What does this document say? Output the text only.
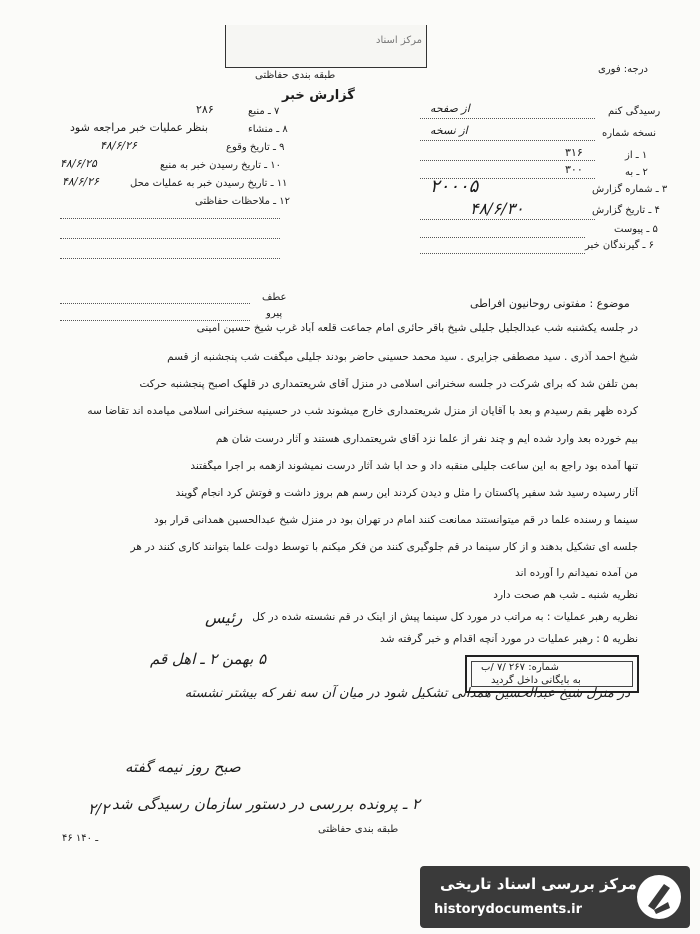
مرکز اسناد
طبقه بندی حفاظتی
گزارش خبر
درجه: فوری
رسیدگی کنم
از صفحه
نسخه شماره
از نسخه
۱ ـ از
۳۱۶
۲ ـ به
۳۰۰
۳ ـ شماره گزارش
۲۰۰۰۵
۴ ـ تاریخ گزارش
۴۸/۶/۳۰
۵ ـ پیوست
۶ ـ گیرندگان خبر
۷ ـ منبع
۲۸۶
۸ ـ منشاء
بنظر عملیات خبر مراجعه شود
۹ ـ تاریخ وقوع
۴۸/۶/۲۶
۱۰ ـ تاریخ رسیدن خبر به منبع
۴۸/۶/۲۵
۱۱ ـ تاریخ رسیدن خبر به عملیات محل
۴۸/۶/۲۶
۱۲ ـ ملاحظات حفاظتی
عطف
پیرو
موضوع : مفتونی روحانیون افراطی
در جلسه یکشنبه شب عبدالجلیل جلیلی شیخ باقر حائری امام جماعت قلعه آباد غرب شیخ حسین امینی
شیخ احمد آذری . سید مصطفی جزایری . سید محمد حسینی حاضر بودند جلیلی میگفت شب پنجشنبه از قسم
بمن تلفن شد که برای شرکت در جلسه سخنرانی اسلامی در منزل آقای شریعتمداری در قلهک اصبح پنجشنبه حرکت
کرده ظهر بقم رسیدم و بعد با آقایان از منزل شریعتمداری خارج میشوند شب در حسینیه سخنرانی اسلامی میامده اند تقاضا سه
بیم خورده بعد وارد شده ایم و چند نفر از علما نزد آقای شریعتمداری هستند و آثار درست شان هم
تنها آمده بود راجع به این ساعت جلیلی منقبه داد و حد ابا شد آثار درست نمیشوند ازهمه بر اجرا میگفتند
آثار رسیده رسید شد سفیر پاکستان را مثل و دیدن کردند این رسم هم بروز داشت و فوتش کرد انجام گویند
سینما و رسنده علما در قم میتوانستند ممانعت کنند امام در تهران بود در منزل شیخ عبدالحسین همدانی قرار بود
جلسه ای تشکیل بدهند و از کار سینما در قم جلوگیری کنند من فکر میکنم با توسط دولت علما بتوانند کاری کنند در هر
من آمده نمیدانم را آورده اند
نظریه شنبه ـ شب هم صحت دارد
نظریه رهبر عملیات : به مراتب در مورد کل سینما پیش از اینک در قم نشسته شده در کل
نظریه ۵ : رهبر عملیات در مورد آنچه اقدام و خبر گرفته شد
رئیس
شماره: ۲۶۷ /۷ /ب
به بایگانی داخل گردید
۵ بهمن ۲ ـ اهل قم
در منزل شیخ عبدالحسین همدانی تشکیل شود در میان آن سه نفر که بیشتر نشسته
صبح روز نیمه گفته
۲ ـ پرونده بررسی در دستور سازمان رسیدگی شد
۲/۲
طبقه بندی حفاظتی
۴۶ ـ ۱۴۰
مرکز بررسی اسناد تاریخی
historydocuments.ir
